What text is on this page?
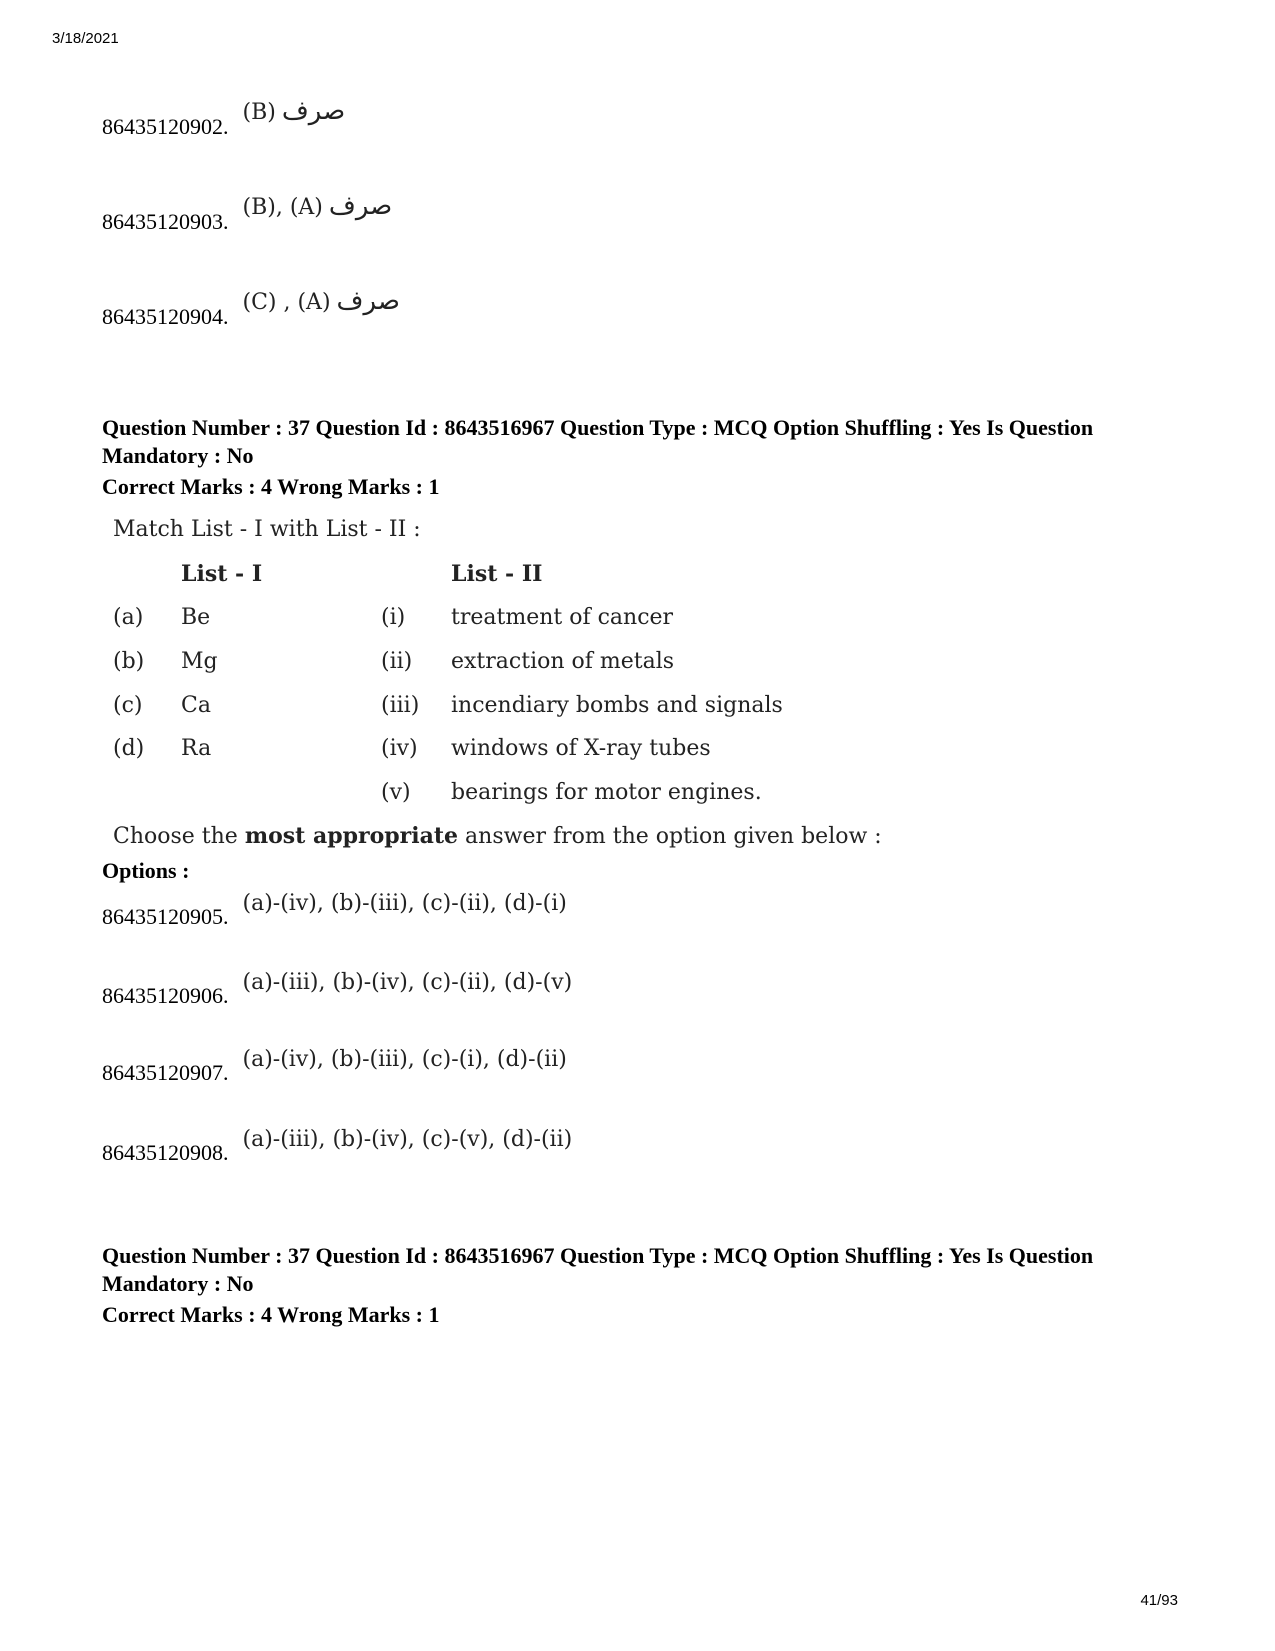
3/18/2021
86435120902.(B) صرف
86435120903.(B), (A) صرف
86435120904.(C) , (A) صرف
Question Number : 37 Question Id : 8643516967 Question Type : MCQ Option Shuffling : Yes Is Question Mandatory : No
Correct Marks : 4 Wrong Marks : 1
Match List - I with List - II :
List - I	List - II
(a) Be	(i) treatment of cancer
(b) Mg	(ii) extraction of metals
(c) Ca	(iii) incendiary bombs and signals
(d) Ra	(iv) windows of X-ray tubes
(v) bearings for motor engines.
Choose the most appropriate answer from the option given below :
Options :
86435120905.(a)-(iv), (b)-(iii), (c)-(ii), (d)-(i)
86435120906.(a)-(iii), (b)-(iv), (c)-(ii), (d)-(v)
86435120907.(a)-(iv), (b)-(iii), (c)-(i), (d)-(ii)
86435120908.(a)-(iii), (b)-(iv), (c)-(v), (d)-(ii)
Question Number : 37 Question Id : 8643516967 Question Type : MCQ Option Shuffling : Yes Is Question Mandatory : No
Correct Marks : 4 Wrong Marks : 1
41/93
